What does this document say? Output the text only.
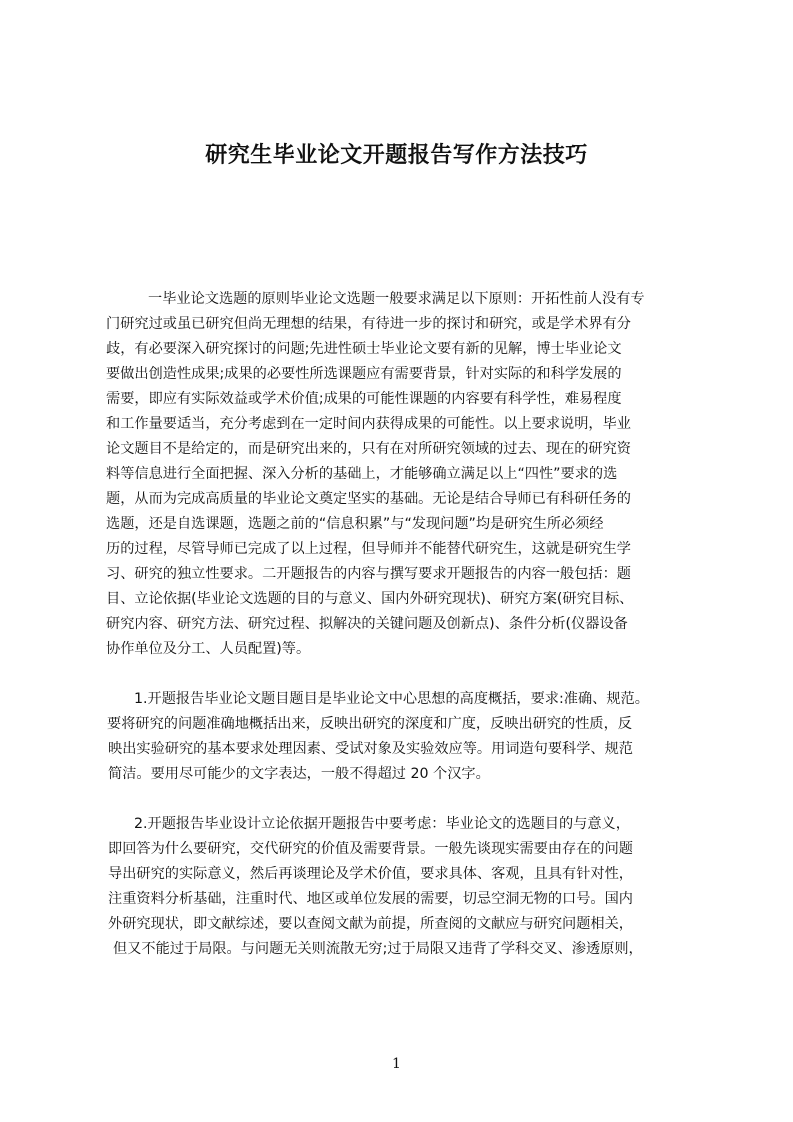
研究生毕业论文开题报告写作方法技巧
一毕业论文选题的原则毕业论文选题一般要求满足以下原则：开拓性前人没有专
门研究过或虽已研究但尚无理想的结果，有待进一步的探讨和研究，或是学术界有分
歧，有必要深入研究探讨的问题;先进性硕士毕业论文要有新的见解，博士毕业论文
要做出创造性成果;成果的必要性所选课题应有需要背景，针对实际的和科学发展的
需要，即应有实际效益或学术价值;成果的可能性课题的内容要有科学性，难易程度
和工作量要适当，充分考虑到在一定时间内获得成果的可能性。以上要求说明，毕业
论文题目不是给定的，而是研究出来的，只有在对所研究领域的过去、现在的研究资
料等信息进行全面把握、深入分析的基础上，才能够确立满足以上“四性”要求的选
题，从而为完成高质量的毕业论文奠定坚实的基础。无论是结合导师已有科研任务的
选题，还是自选课题，选题之前的“信息积累”与“发现问题”均是研究生所必须经
历的过程，尽管导师已完成了以上过程，但导师并不能替代研究生，这就是研究生学
习、研究的独立性要求。二开题报告的内容与撰写要求开题报告的内容一般包括：题
目、立论依据(毕业论文选题的目的与意义、国内外研究现状)、研究方案(研究目标、
研究内容、研究方法、研究过程、拟解决的关键问题及创新点)、条件分析(仪器设备
协作单位及分工、人员配置)等。
1.开题报告毕业论文题目题目是毕业论文中心思想的高度概括，要求:准确、规范。
要将研究的问题准确地概括出来，反映出研究的深度和广度，反映出研究的性质，反
映出实验研究的基本要求处理因素、受试对象及实验效应等。用词造句要科学、规范
简洁。要用尽可能少的文字表达，一般不得超过 20 个汉字。
2.开题报告毕业设计立论依据开题报告中要考虑：毕业论文的选题目的与意义，
即回答为什么要研究，交代研究的价值及需要背景。一般先谈现实需要由存在的问题
导出研究的实际意义，然后再谈理论及学术价值，要求具体、客观，且具有针对性，
注重资料分析基础，注重时代、地区或单位发展的需要，切忌空洞无物的口号。国内
外研究现状，即文献综述，要以查阅文献为前提，所查阅的文献应与研究问题相关，
但又不能过于局限。与问题无关则流散无穷;过于局限又违背了学科交叉、渗透原则，
1
